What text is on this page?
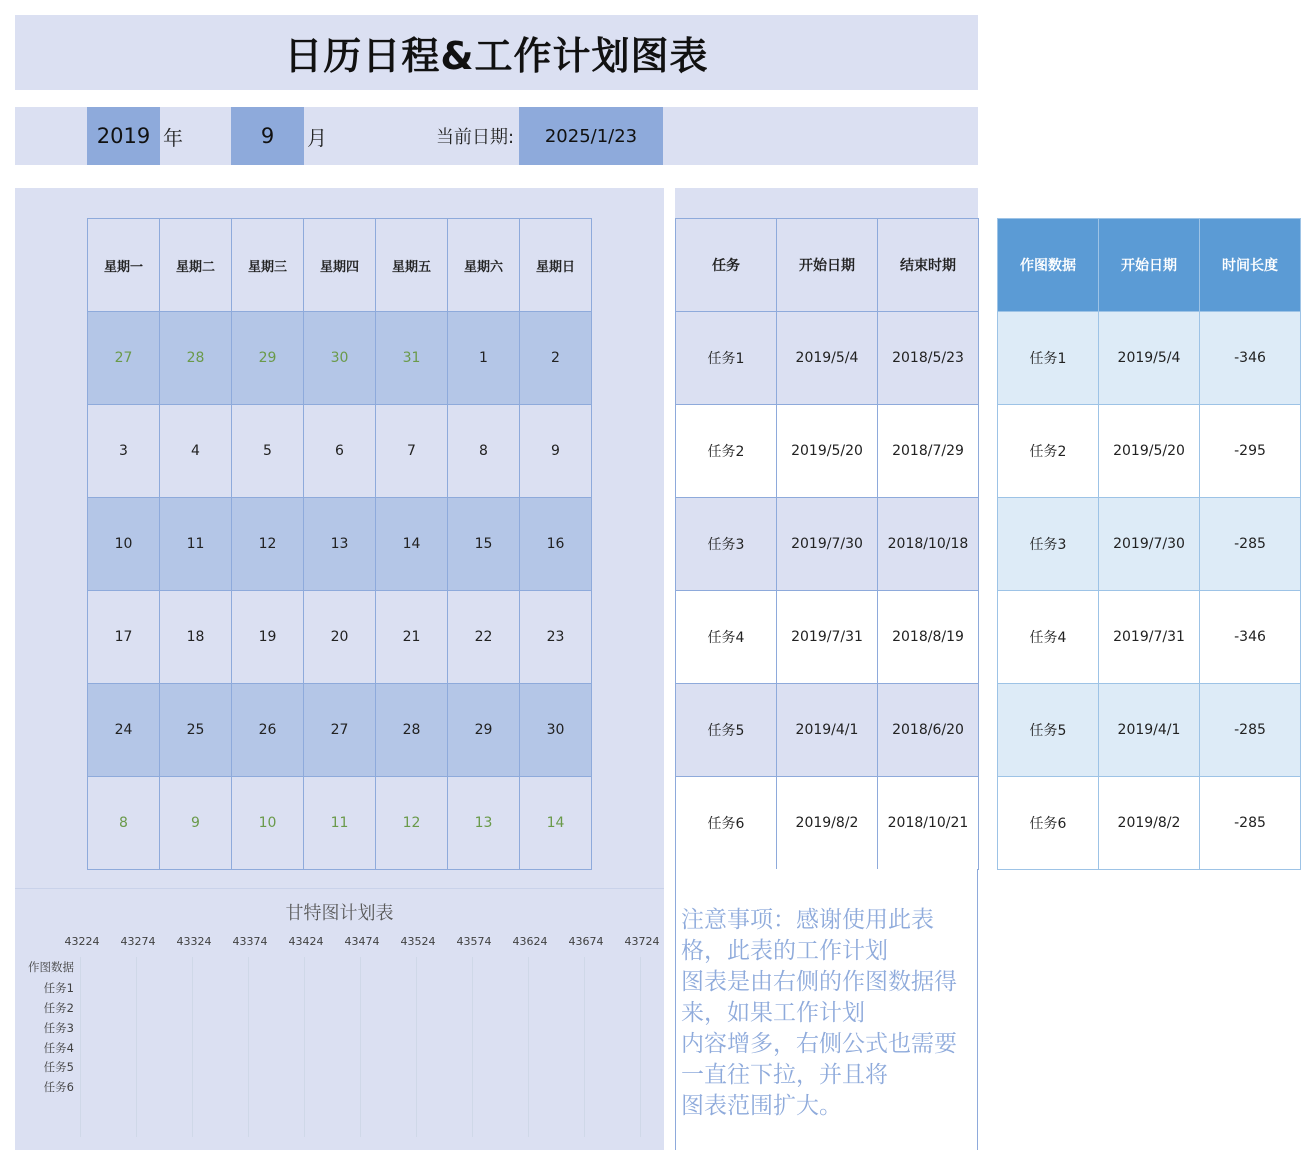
日历日程&工作计划图表
2019 年	9	月	当前日期:	2025/1/23
星期一	星期二	星期三	星期四	星期五	星期六	星期日
27	28	29	30	31	1	2
3	4	5	6	7	8	9
10	11	12	13	14	15	16
17	18	19	20	21	22	23
24	25	26	27	28	29	30
8	9	10	11	12	13	14
任务	开始日期	结束时期
任务1	2019/5/4	2018/5/23
任务2	2019/5/20	2018/7/29
任务3	2019/7/30	2018/10/18
任务4	2019/7/31	2018/8/19
任务5	2019/4/1	2018/6/20
任务6	2019/8/2	2018/10/21
作图数据	开始日期	时间长度
任务1	2019/5/4	-346
任务2	2019/5/20	-295
任务3	2019/7/30	-285
任务4	2019/7/31	-346
任务5	2019/4/1	-285
任务6	2019/8/2	-285
甘特图计划表
43224 43274 43324 43374 43424 43474 43524 43574 43624 43674 43724
作图数据
任务1
任务2
任务3
任务4
任务5
任务6
注意事项：感谢使用此表
格，此表的工作计划
图表是由右侧的作图数据得
来，如果工作计划
内容增多，右侧公式也需要
一直往下拉，并且将
图表范围扩大。
